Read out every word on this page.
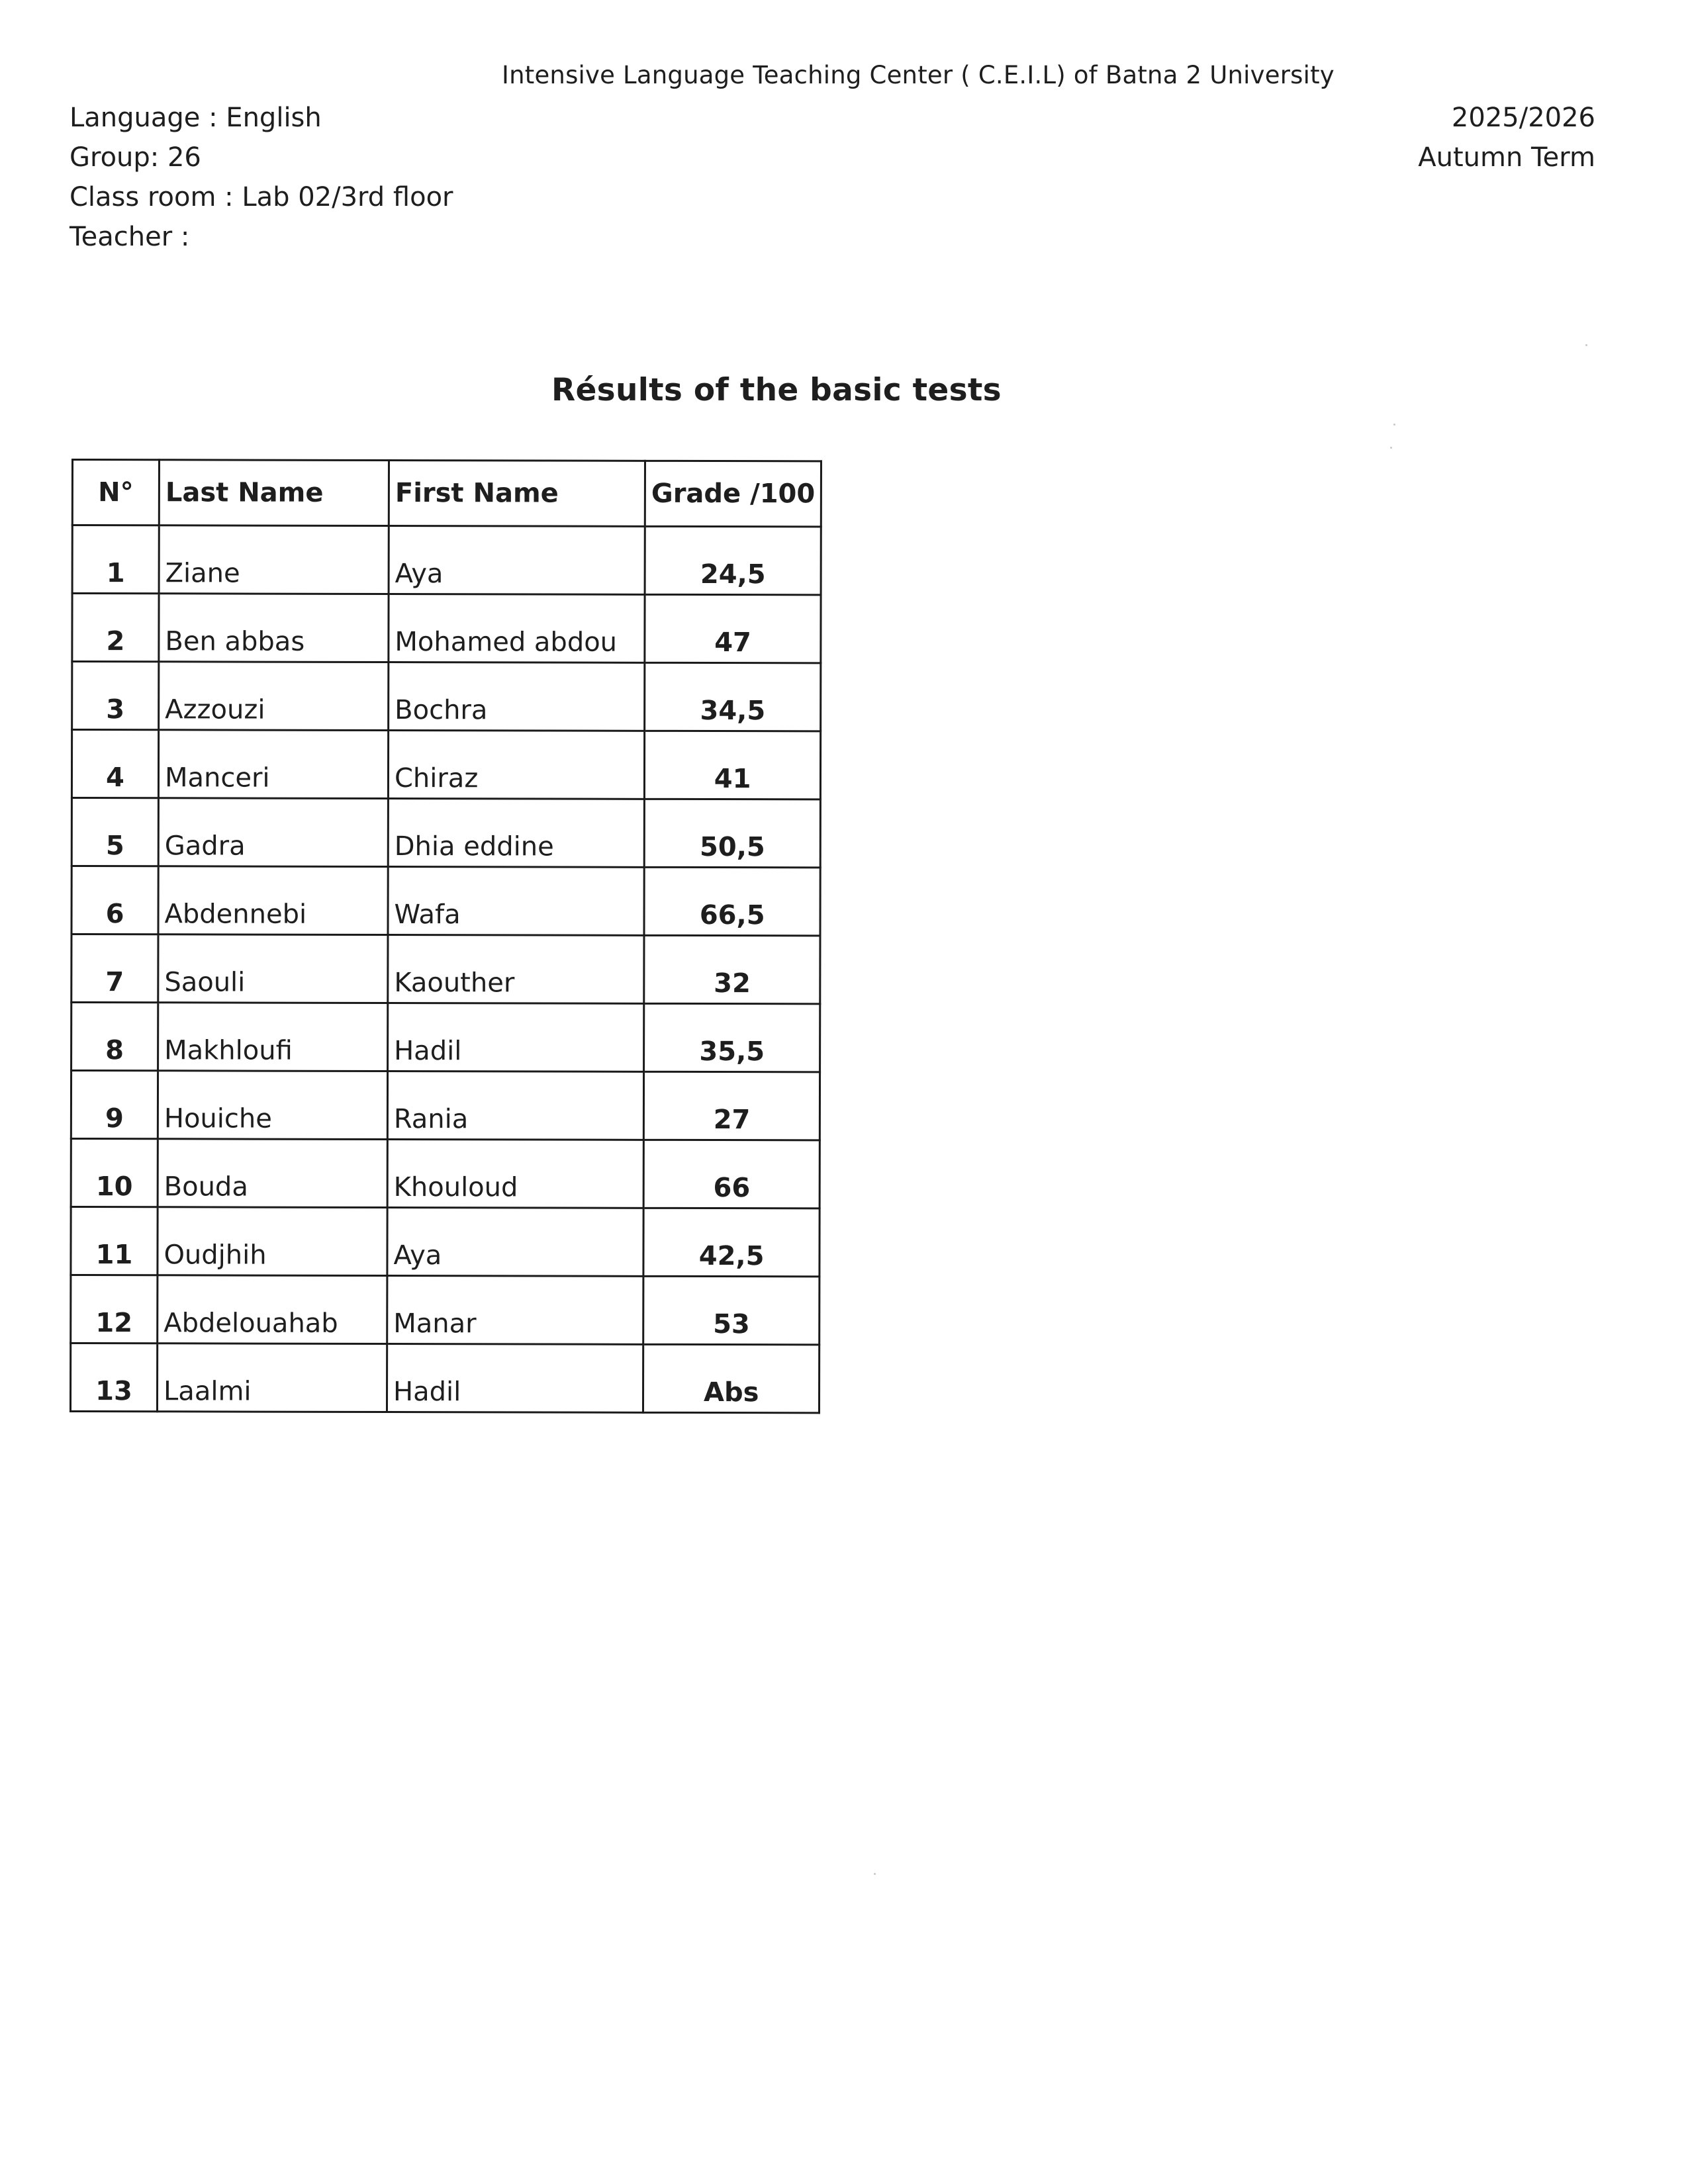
Intensive Language Teaching Center ( C.E.I.L) of Batna 2 University
Language : English
Group: 26
Class room : Lab 02/3rd floor
Teacher :
2025/2026
Autumn Term
Résults of the basic tests
N°	Last Name	First Name	Grade /100
1	Ziane	Aya	24,5
2	Ben abbas	Mohamed abdou	47
3	Azzouzi	Bochra	34,5
4	Manceri	Chiraz	41
5	Gadra	Dhia eddine	50,5
6	Abdennebi	Wafa	66,5
7	Saouli	Kaouther	32
8	Makhloufi	Hadil	35,5
9	Houiche	Rania	27
10	Bouda	Khouloud	66
11	Oudjhih	Aya	42,5
12	Abdelouahab	Manar	53
13	Laalmi	Hadil	Abs
